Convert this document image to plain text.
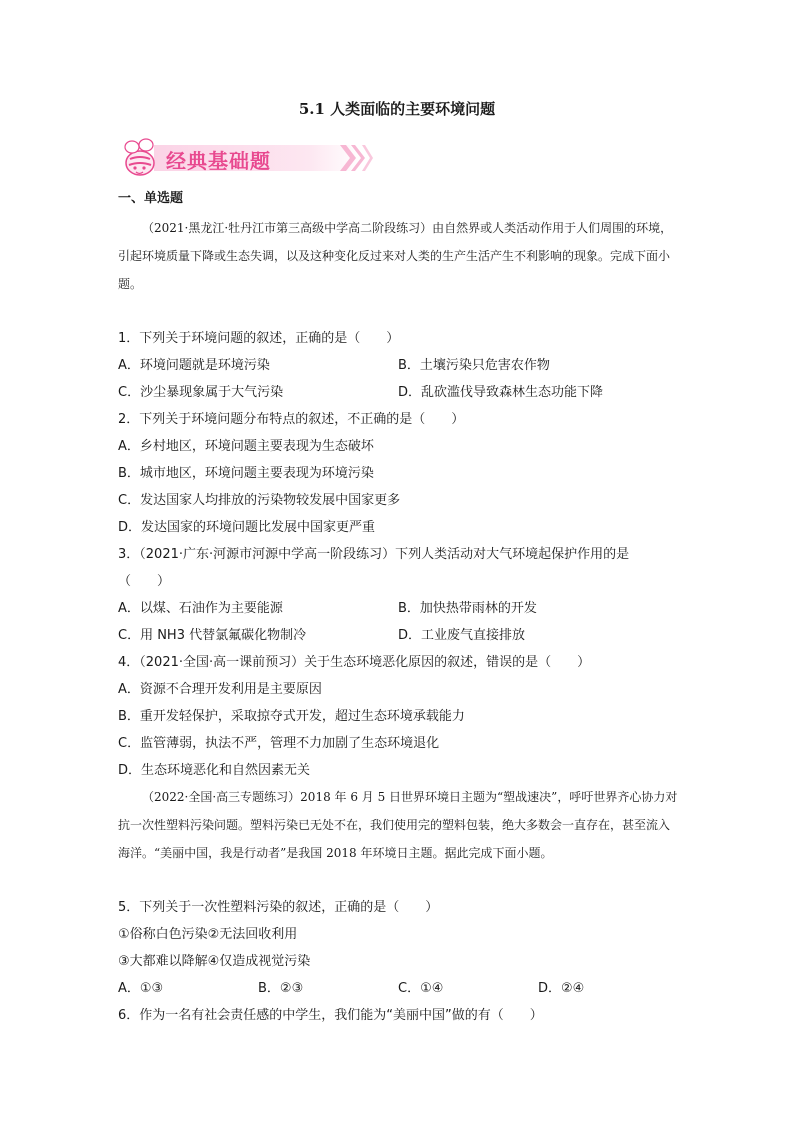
5.1 人类面临的主要环境问题
经典基础题
一、单选题
（2021·黑龙江·牡丹江市第三高级中学高二阶段练习）由自然界或人类活动作用于人们周围的环境，引起环境质量下降或生态失调，以及这种变化反过来对人类的生产生活产生不利影响的现象。完成下面小题。
1．下列关于环境问题的叙述，正确的是（　　）
A．环境问题就是环境污染	B．土壤污染只危害农作物
C．沙尘暴现象属于大气污染	D．乱砍滥伐导致森林生态功能下降
2．下列关于环境问题分布特点的叙述，不正确的是（　　）
A．乡村地区，环境问题主要表现为生态破坏
B．城市地区，环境问题主要表现为环境污染
C．发达国家人均排放的污染物较发展中国家更多
D．发达国家的环境问题比发展中国家更严重
3．（2021·广东·河源市河源中学高一阶段练习）下列人类活动对大气环境起保护作用的是
（　　）
A．以煤、石油作为主要能源	B．加快热带雨林的开发
C．用 NH3 代替氯氟碳化物制冷	D．工业废气直接排放
4．（2021·全国·高一课前预习）关于生态环境恶化原因的叙述，错误的是（　　）
A．资源不合理开发利用是主要原因
B．重开发轻保护，采取掠夺式开发，超过生态环境承载能力
C．监管薄弱，执法不严，管理不力加剧了生态环境退化
D．生态环境恶化和自然因素无关
（2022·全国·高三专题练习）2018 年 6 月 5 日世界环境日主题为“塑战速决”，呼吁世界齐心协力对抗一次性塑料污染问题。塑料污染已无处不在，我们使用完的塑料包装，绝大多数会一直存在，甚至流入海洋。“美丽中国，我是行动者”是我国 2018 年环境日主题。据此完成下面小题。
5．下列关于一次性塑料污染的叙述，正确的是（　　）
①俗称白色污染②无法回收利用
③大都难以降解④仅造成视觉污染
A．①③	B．②③	C．①④	D．②④
6．作为一名有社会责任感的中学生，我们能为“美丽中国”做的有（　　）
